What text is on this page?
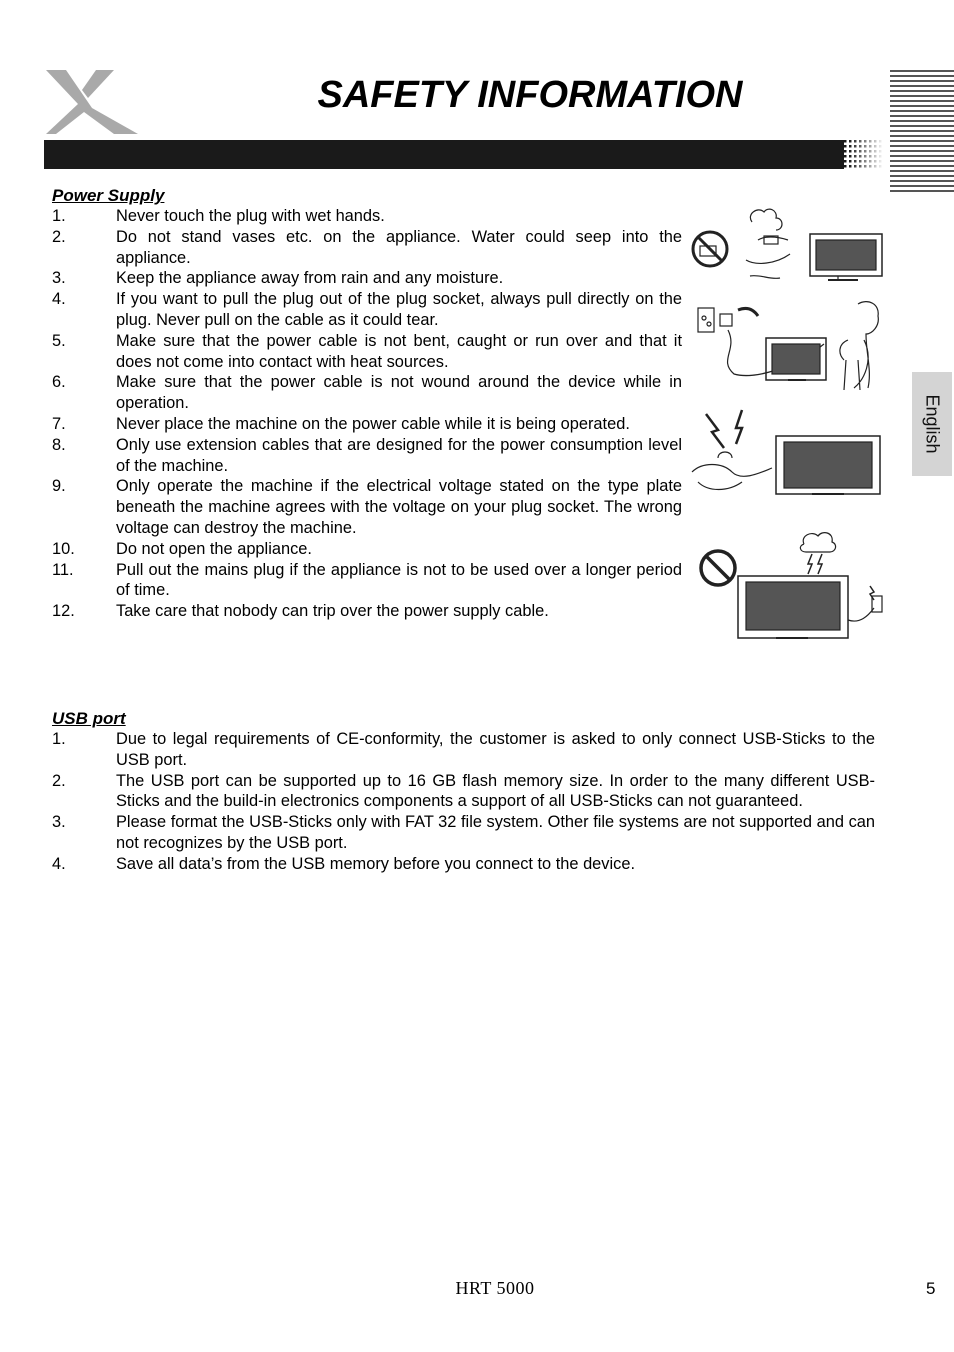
SAFETY INFORMATION
English
Power Supply
1.	Never touch the plug with wet hands.
2.	Do not stand vases etc. on the appliance. Water could seep into the appliance.
3.	Keep the appliance away from rain and any moisture.
4.	If you want to pull the plug out of the plug socket, always pull directly on the plug. Never pull on the cable as it could tear.
5.	Make sure that the power cable is not bent, caught or run over and that it does not come into contact with heat sources.
6.	Make sure that the power cable is not wound around the device while in operation.
7.	Never place the machine on the power cable while it is being operated.
8.	Only use extension cables that are designed for the power consumption level of the machine.
9.	Only operate the machine if the electrical voltage stated on the type plate beneath the machine agrees with the voltage on your plug socket. The wrong voltage can destroy the machine.
10.	Do not open the appliance.
11.	Pull out the mains plug if the appliance is not to be used over a longer period of time.
12.	Take care that nobody can trip over the power supply cable.
USB port
1.	Due to legal requirements of CE-conformity, the customer is asked to only connect USB-Sticks to the USB port.
2.	The USB port can be supported up to 16 GB flash memory size. In order to the many different USB-Sticks and the build-in electronics components a support of all USB-Sticks can not guaranteed.
3.	Please format the USB-Sticks only with FAT 32 file system. Other file systems are not supported and can not recognizes by the USB port.
4.	Save all data’s from the USB memory before you connect to the device.
HRT 5000	5
